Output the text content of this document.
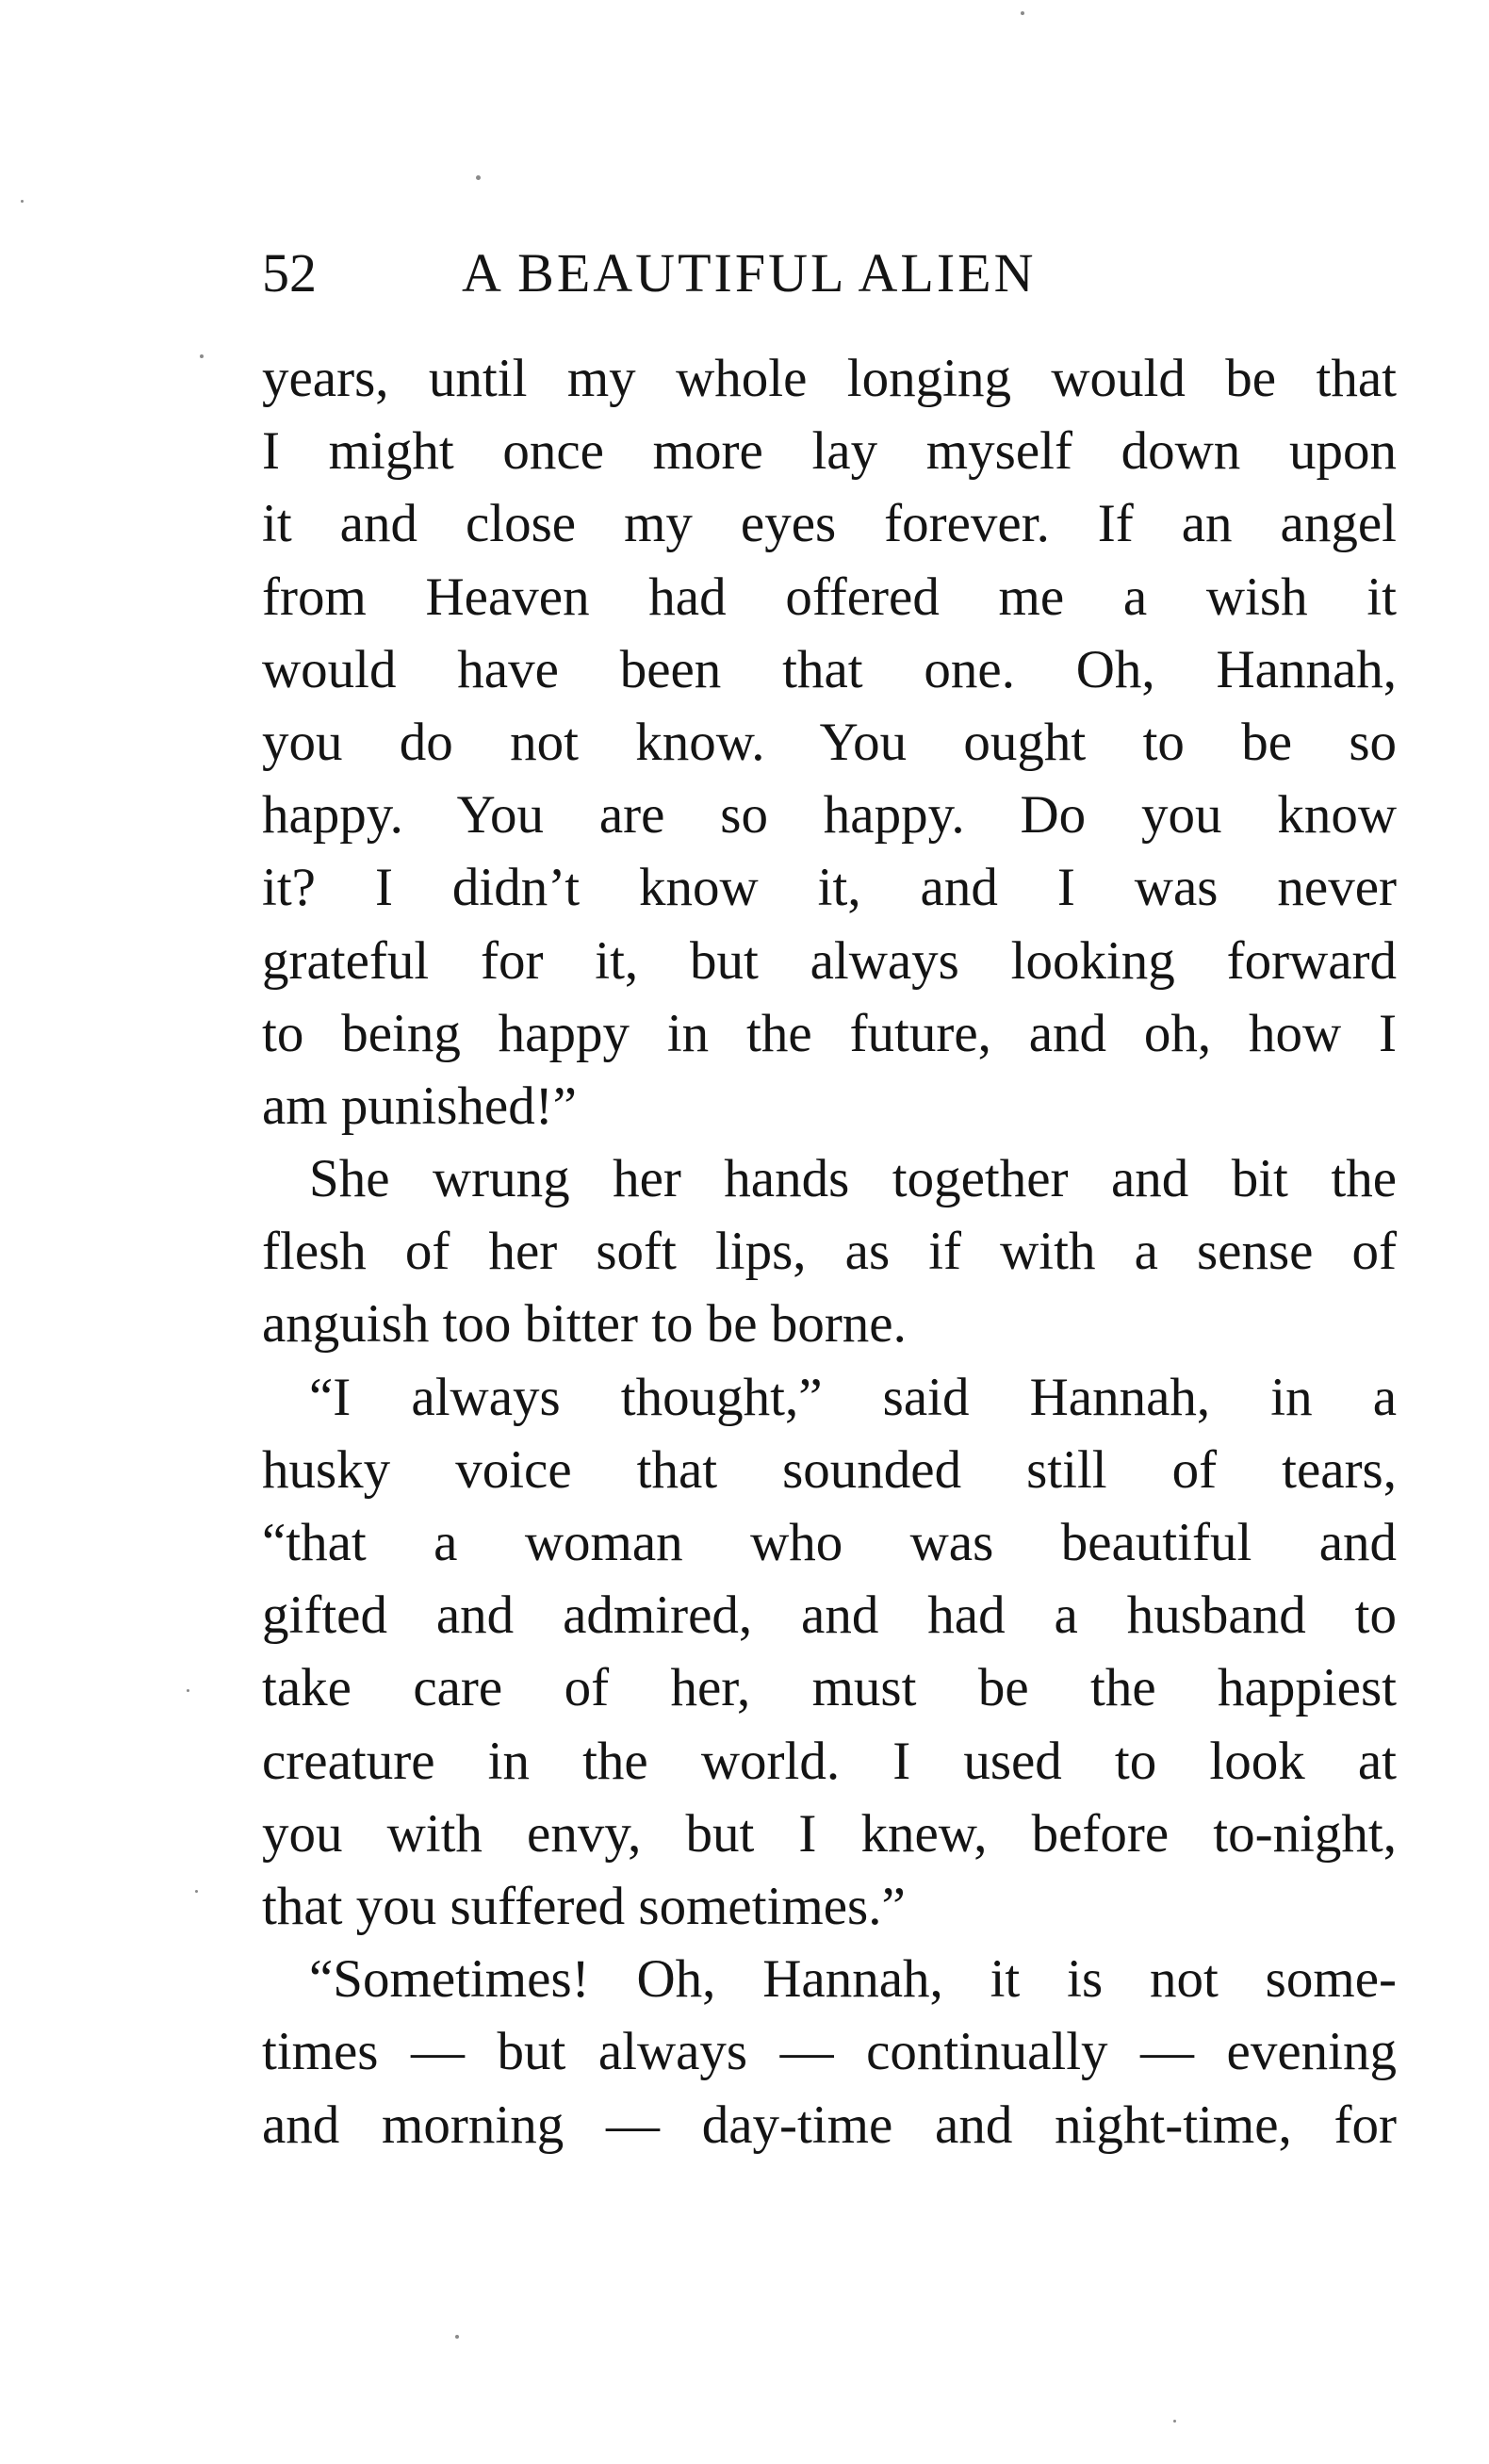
52	A BEAUTIFUL ALIEN
years, until my whole longing would be that
I might once more lay myself down upon
it and close my eyes forever. If an angel
from Heaven had offered me a wish it
would have been that one. Oh, Hannah,
you do not know. You ought to be so
happy. You are so happy. Do you know
it? I didn’t know it, and I was never
grateful for it, but always looking forward
to being happy in the future, and oh, how I
am punished!”
She wrung her hands together and bit the
flesh of her soft lips, as if with a sense of
anguish too bitter to be borne.
“I always thought,” said Hannah, in a
husky voice that sounded still of tears,
“that a woman who was beautiful and
gifted and admired, and had a husband to
take care of her, must be the happiest
creature in the world. I used to look at
you with envy, but I knew, before to-night,
that you suffered sometimes.”
“Sometimes! Oh, Hannah, it is not some-
times — but always — continually — evening
and morning — day-time and night-time, for
